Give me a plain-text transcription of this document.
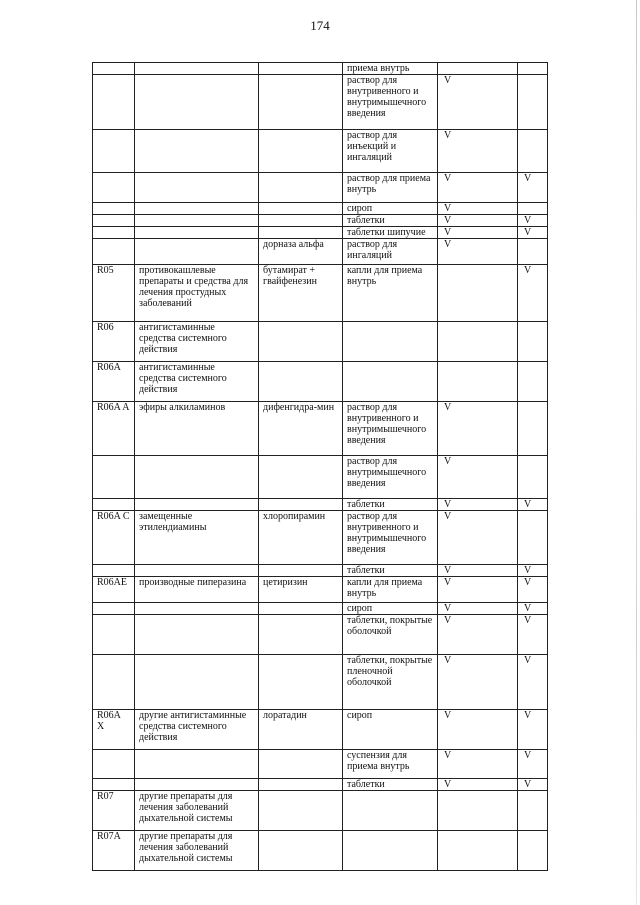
174
			приема внутрь		
			раствор для внутривенного и внутримышечного введения	V	
			раствор для инъекций и ингаляций	V	
			раствор для приема внутрь	V	V
			сироп	V	
			таблетки	V	V
			таблетки шипучие	V	V
		дорназа альфа	раствор для ингаляций	V	
R05	противокашлевые препараты и средства для лечения простудных заболеваний	бутамират + гвайфенезин	капли для приема внутрь		V
R06	антигистаминные средства системного действия				
R06A	антигистаминные средства системного действия				
R06A A	эфиры алкиламинов	дифенгидра-мин	раствор для внутривенного и внутримышечного введения	V	
			раствор для внутримышечного введения	V	
			таблетки	V	V
R06A C	замещенные этилендиамины	хлоропирамин	раствор для внутривенного и внутримышечного введения	V	
			таблетки	V	V
R06AE	производные пиперазина	цетиризин	капли для приема внутрь	V	V
			сироп	V	V
			таблетки, покрытые оболочкой	V	V
			таблетки, покрытые пленочной оболочкой	V	V
R06A X	другие антигистаминные средства системного действия	лоратадин	сироп	V	V
			суспензия для приема внутрь	V	V
			таблетки	V	V
R07	другие препараты для лечения заболеваний дыхательной системы				
R07A	другие препараты для лечения заболеваний дыхательной системы				
